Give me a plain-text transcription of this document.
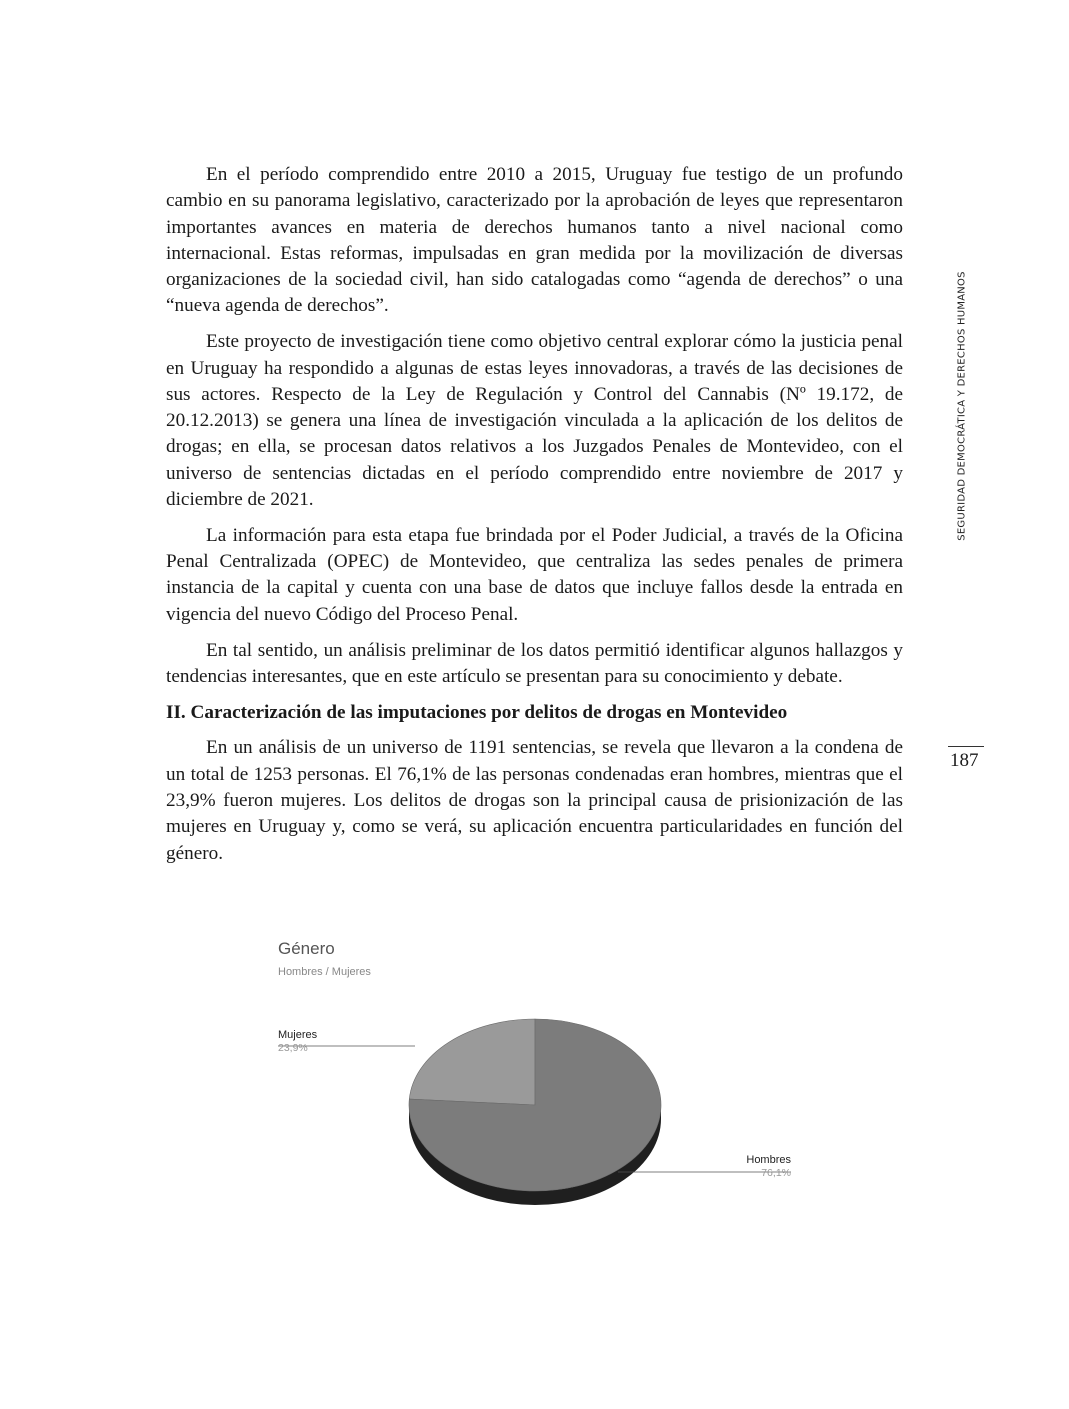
En el período comprendido entre 2010 a 2015, Uruguay fue testigo de un profundo cambio en su panorama legislativo, caracterizado por la aprobación de leyes que representaron importantes avances en materia de derechos humanos tanto a nivel nacional como internacional. Estas reformas, impulsadas en gran medida por la movilización de diversas organizaciones de la sociedad civil, han sido catalogadas como “agenda de derechos” o una “nueva agenda de derechos”.

Este proyecto de investigación tiene como objetivo central explorar cómo la justicia penal en Uruguay ha respondido a algunas de estas leyes innovadoras, a través de las decisiones de sus actores. Respecto de la Ley de Regulación y Control del Cannabis (Nº 19.172, de 20.12.2013) se genera una línea de investigación vinculada a la aplicación de los delitos de drogas; en ella, se procesan datos relativos a los Juzgados Penales de Montevideo, con el universo de sentencias dictadas en el período comprendido entre noviembre de 2017 y diciembre de 2021.

La información para esta etapa fue brindada por el Poder Judicial, a través de la Oficina Penal Centralizada (OPEC) de Montevideo, que centraliza las sedes penales de primera instancia de la capital y cuenta con una base de datos que incluye fallos desde la entrada en vigencia del nuevo Código del Proceso Penal.

En tal sentido, un análisis preliminar de los datos permitió identificar algunos hallazgos y tendencias interesantes, que en este artículo se presentan para su conocimiento y debate.

II. Caracterización de las imputaciones por delitos de drogas en Montevideo

En un análisis de un universo de 1191 sentencias, se revela que llevaron a la condena de un total de 1253 personas. El 76,1% de las personas condenadas eran hombres, mientras que el 23,9% fueron mujeres. Los delitos de drogas son la principal causa de prisionización de las mujeres en Uruguay y, como se verá, su aplicación encuentra particularidades en función del género.

SEGURIDAD DEMOCRÁTICA Y DERECHOS HUMANOS
187
Género
Hombres / Mujeres
Mujeres
23,9%
Hombres
76,1%
